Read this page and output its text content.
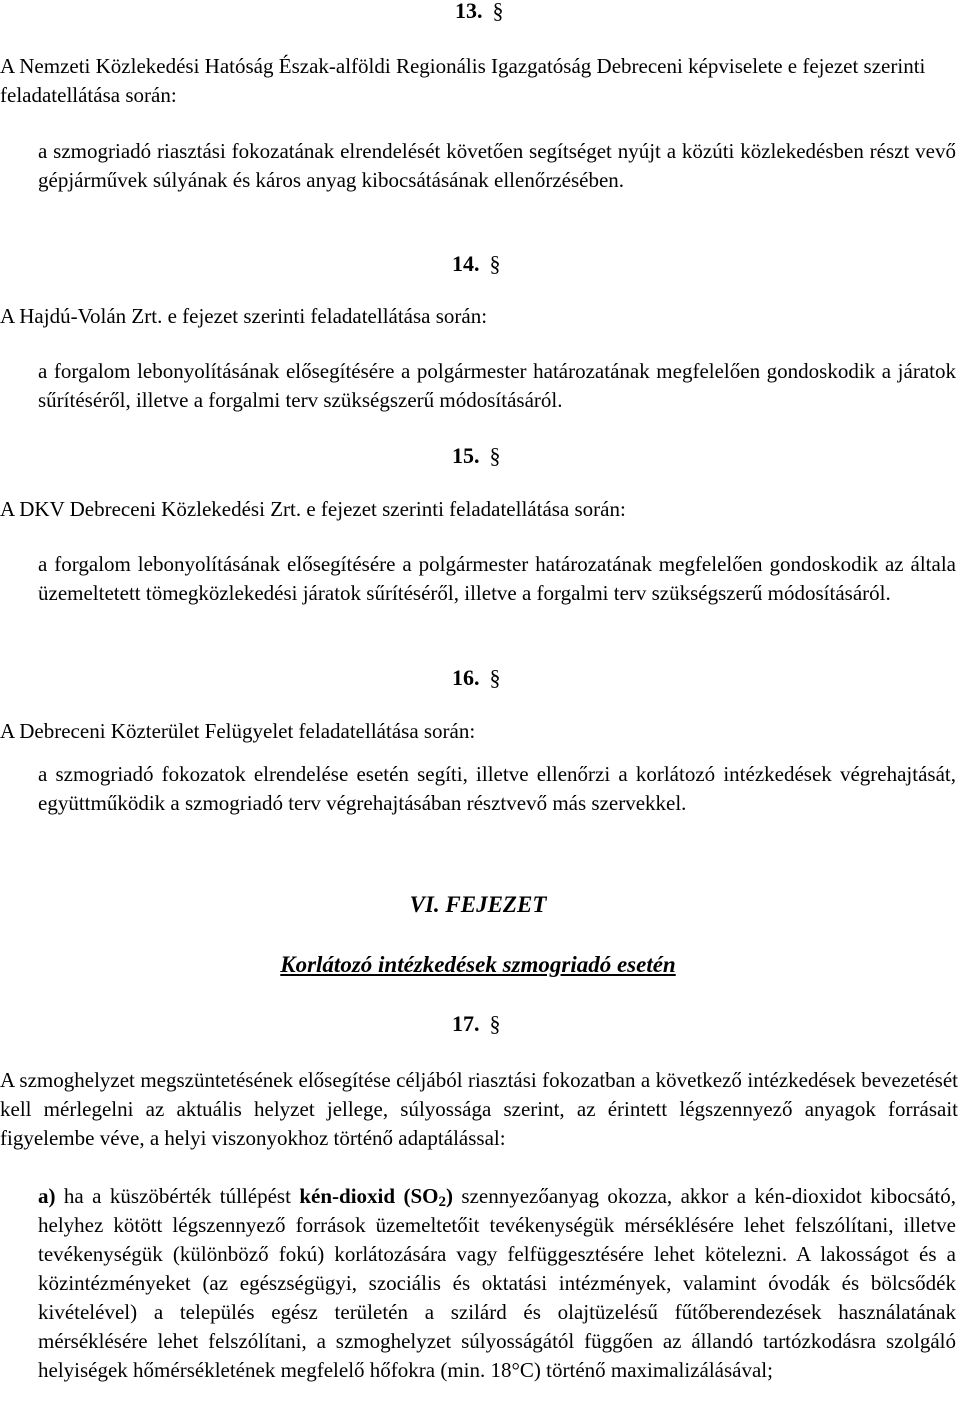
13. §
A Nemzeti Közlekedési Hatóság Észak-alföldi Regionális Igazgatóság Debreceni képviselete e fejezet szerinti feladatellátása során:
a szmogriadó riasztási fokozatának elrendelését követően segítséget nyújt a közúti közlekedésben részt vevő gépjárművek súlyának és káros anyag kibocsátásának ellenőrzésében.
14. §
A Hajdú-Volán Zrt. e fejezet szerinti feladatellátása során:
a forgalom lebonyolításának elősegítésére a polgármester határozatának megfelelően gondoskodik a járatok sűrítéséről, illetve a forgalmi terv szükségszerű módosításáról.
15. §
A DKV Debreceni Közlekedési Zrt. e fejezet szerinti feladatellátása során:
a forgalom lebonyolításának elősegítésére a polgármester határozatának megfelelően gondoskodik az általa üzemeltetett tömegközlekedési járatok sűrítéséről, illetve a forgalmi terv szükségszerű módosításáról.
16. §
A Debreceni Közterület Felügyelet feladatellátása során:
a szmogriadó fokozatok elrendelése esetén segíti, illetve ellenőrzi a korlátozó intézkedések végrehajtását, együttműködik a szmogriadó terv végrehajtásában résztvevő más szervekkel.
VI. FEJEZET
Korlátozó intézkedések szmogriadó esetén
17. §
A szmoghelyzet megszüntetésének elősegítése céljából riasztási fokozatban a következő intézkedések bevezetését kell mérlegelni az aktuális helyzet jellege, súlyossága szerint, az érintett légszennyező anyagok forrásait figyelembe véve, a helyi viszonyokhoz történő adaptálással:
a) ha a küszöbérték túllépést kén-dioxid $(SO_2)$ szennyezőanyag okozza, akkor a kén-dioxidot kibocsátó, helyhez kötött légszennyező források üzemeltetőit tevékenységük mérséklésére lehet felszólítani, illetve tevékenységük (különböző fokú) korlátozására vagy felfüggesztésére lehet kötelezni. A lakosságot és a közintézményeket (az egészségügyi, szociális és oktatási intézmények, valamint óvodák és bölcsődék kivételével) a település egész területén a szilárd és olajtüzelésű fűtőberendezések használatának mérséklésére lehet felszólítani, a szmoghelyzet súlyosságától függően az állandó tartózkodásra szolgáló helyiségek hőmérsékletének megfelelő hőfokra (min. 18°C) történő maximalizálásával;
